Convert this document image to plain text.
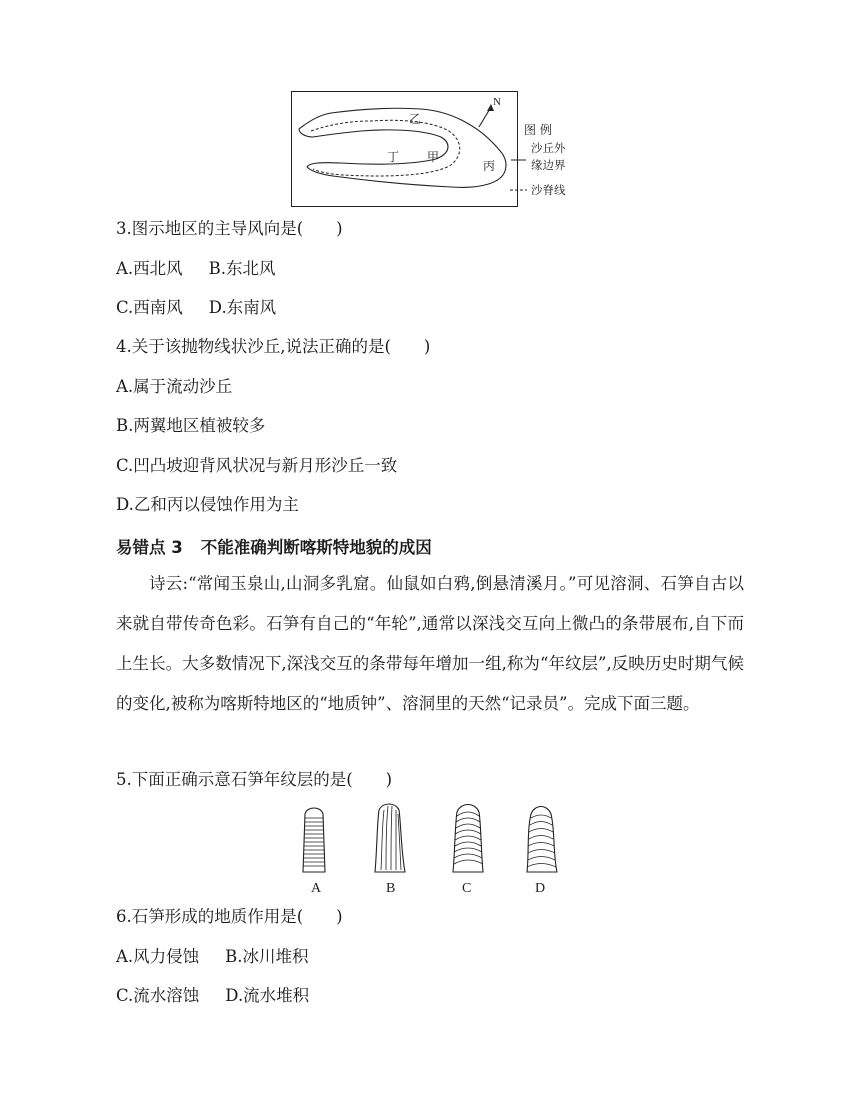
N
乙
丁 甲
丙
图 例
沙丘外
缘边界
沙脊线
3.图示地区的主导风向是(　　)
A.西北风 B.东北风
C.西南风 D.东南风
4.关于该抛物线状沙丘,说法正确的是(　　)
A.属于流动沙丘
B.两翼地区植被较多
C.凹凸坡迎背风状况与新月形沙丘一致
D.乙和丙以侵蚀作用为主
易错点 3 不能准确判断喀斯特地貌的成因
诗云:“常闻玉泉山,山洞多乳窟。仙鼠如白鸦,倒悬清溪月。”可见溶洞、石笋自古以来就自带传奇色彩。石笋有自己的“年轮”,通常以深浅交互向上微凸的条带展布,自下而上生长。大多数情况下,深浅交互的条带每年增加一组,称为“年纹层”,反映历史时期气候的变化,被称为喀斯特地区的“地质钟”、溶洞里的天然“记录员”。完成下面三题。
5.下面正确示意石笋年纹层的是(　　)
A	B	C	D
6.石笋形成的地质作用是(　　)
A.风力侵蚀 B.冰川堆积
C.流水溶蚀 D.流水堆积
